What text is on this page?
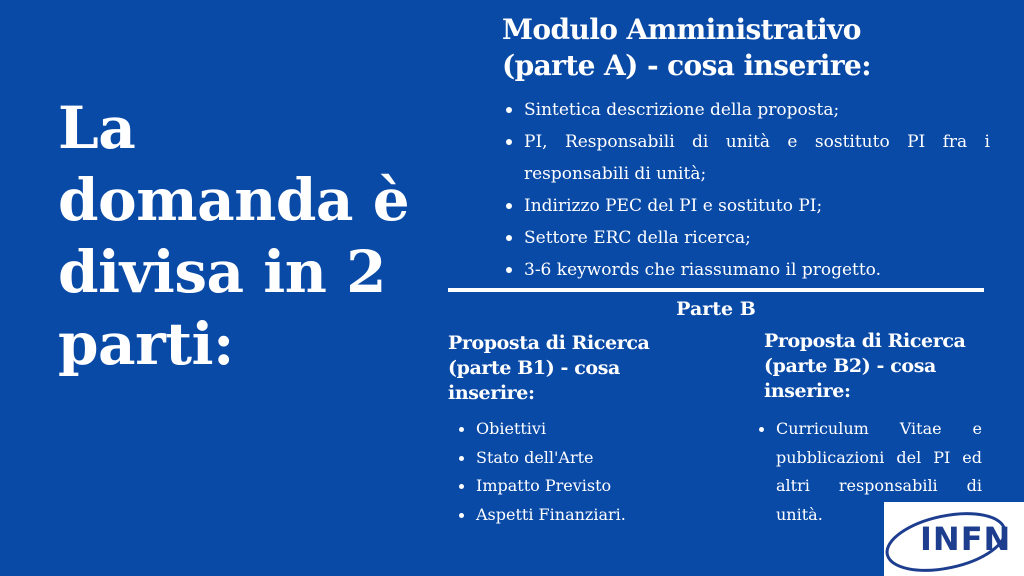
La domanda è divisa in 2 parti:
Modulo Amministrativo
(parte A) - cosa inserire:
Sintetica descrizione della proposta;
PI, Responsabili di unità e sostituto PI fra i responsabili di unità;
Indirizzo PEC del PI e sostituto PI;
Settore ERC della ricerca;
3-6 keywords che riassumano il progetto.
Parte B
Proposta di Ricerca (parte B1) - cosa inserire:
Proposta di Ricerca (parte B2) - cosa inserire:
Obiettivi
Stato dell'Arte
Impatto Previsto
Aspetti Finanziari.
Curriculum Vitae e pubblicazioni del PI ed altri responsabili di unità.
INFN
